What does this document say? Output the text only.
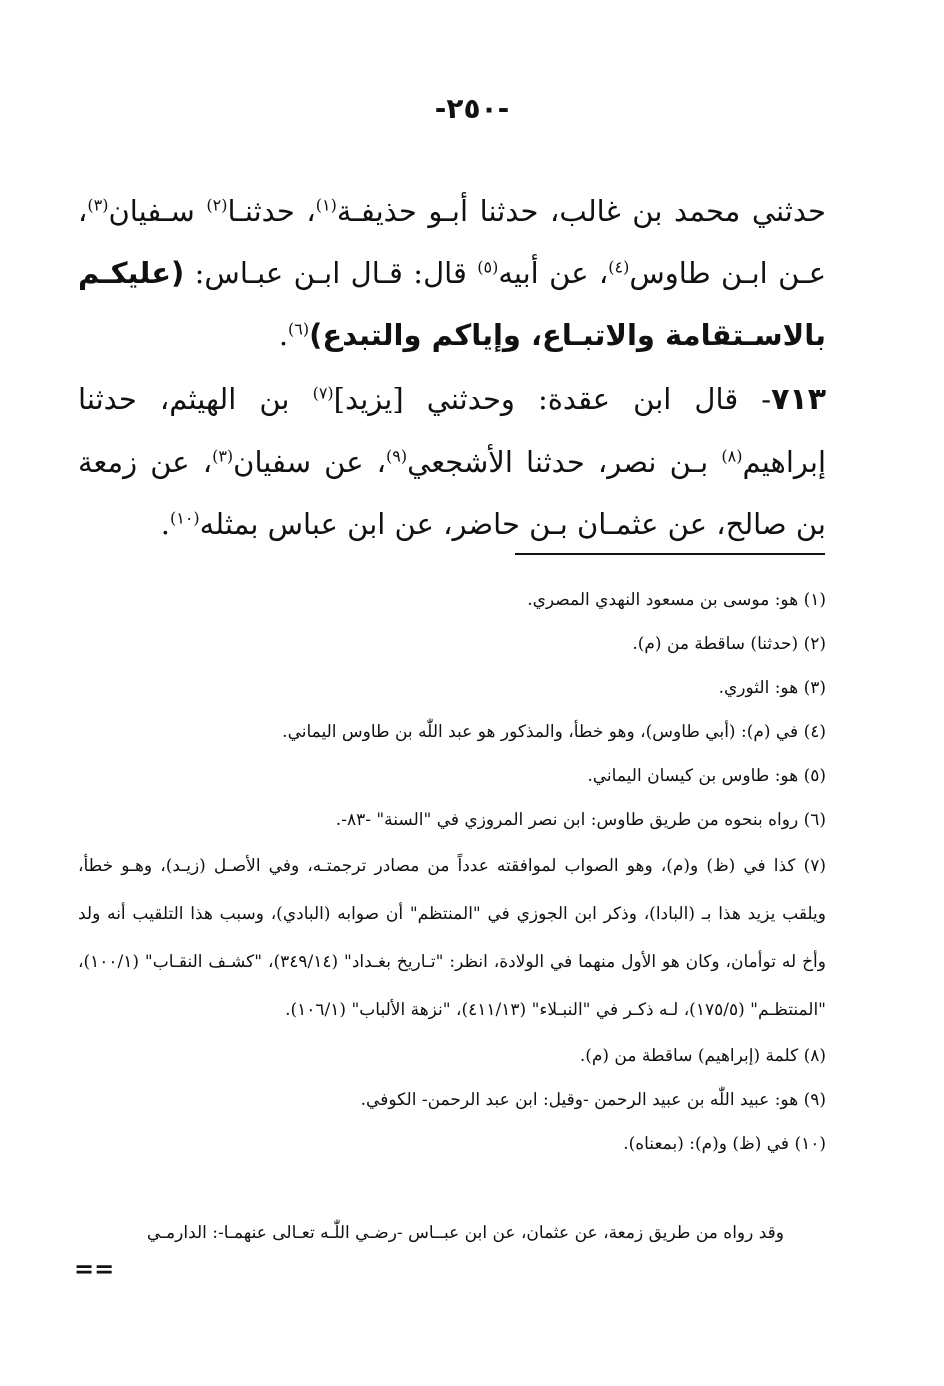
-٢٥٠-

حدثني محمد بن غالب، حدثنا أبـو حذيفـة$^{(١)}$، حدثنـا$^{(٢)}$ سـفيان$^{(٣)}$، عـن ابـن طاوس$^{(٤)}$، عن أبيه$^{(٥)}$ قال: قـال ابـن عبـاس: (عليكـم بالاسـتقامة والاتبـاع، وإياكم والتبدع)$^{(٦)}$.

٧١٣- قال ابن عقدة: وحدثني [يزيد]$^{(٧)}$ بن الهيثم، حدثنا إبراهيم$^{(٨)}$ بـن نصر، حدثنا الأشجعي$^{(٩)}$، عن سفيان$^{(٣)}$، عن زمعة بن صالح، عن عثمـان بـن حاضر، عن ابن عباس بمثله$^{(١٠)}$.

(١) هو: موسى بن مسعود النهدي المصري.

(٢) (حدثنا) ساقطة من (م).

(٣) هو: الثوري.

(٤) في (م): (أبي طاوس)، وهو خطأ، والمذكور هو عبد اللّٰه بن طاوس اليماني.

(٥) هو: طاوس بن كيسان اليماني.

(٦) رواه بنحوه من طريق طاوس: ابن نصر المروزي في "السنة" -٨٣-.

(٧) كذا في (ظ) و(م)، وهو الصواب لموافقته عدداً من مصادر ترجمتـه، وفي الأصـل (زيـد)، وهـو خطأ، ويلقب يزيد هذا بـ (البادا)، وذكر ابن الجوزي في "المنتظم" أن صوابه (البادي)، وسبب هذا التلقيب أنه ولد وأخ له توأمان، وكان هو الأول منهما في الولادة، انظر: "تـاريخ بغـداد" (٣٤٩/١٤)، "كشـف النقـاب" (١٠٠/١)، "المنتظـم" (١٧٥/٥)، لـه ذكـر في "النبـلاء" (٤١١/١٣)، "نزهة الألباب" (١٠٦/١).

(٨) كلمة (إبراهيم) ساقطة من (م).

(٩) هو: عبيد اللّٰه بن عبيد الرحمن -وقيل: ابن عبد الرحمن- الكوفي.

(١٠) في (ظ) و(م): (بمعناه).

وقد رواه من طريق زمعة، عن عثمان، عن ابن عبــاس -رضـي اللّٰـه تعـالى عنهمـا-: الدارمـي
==
